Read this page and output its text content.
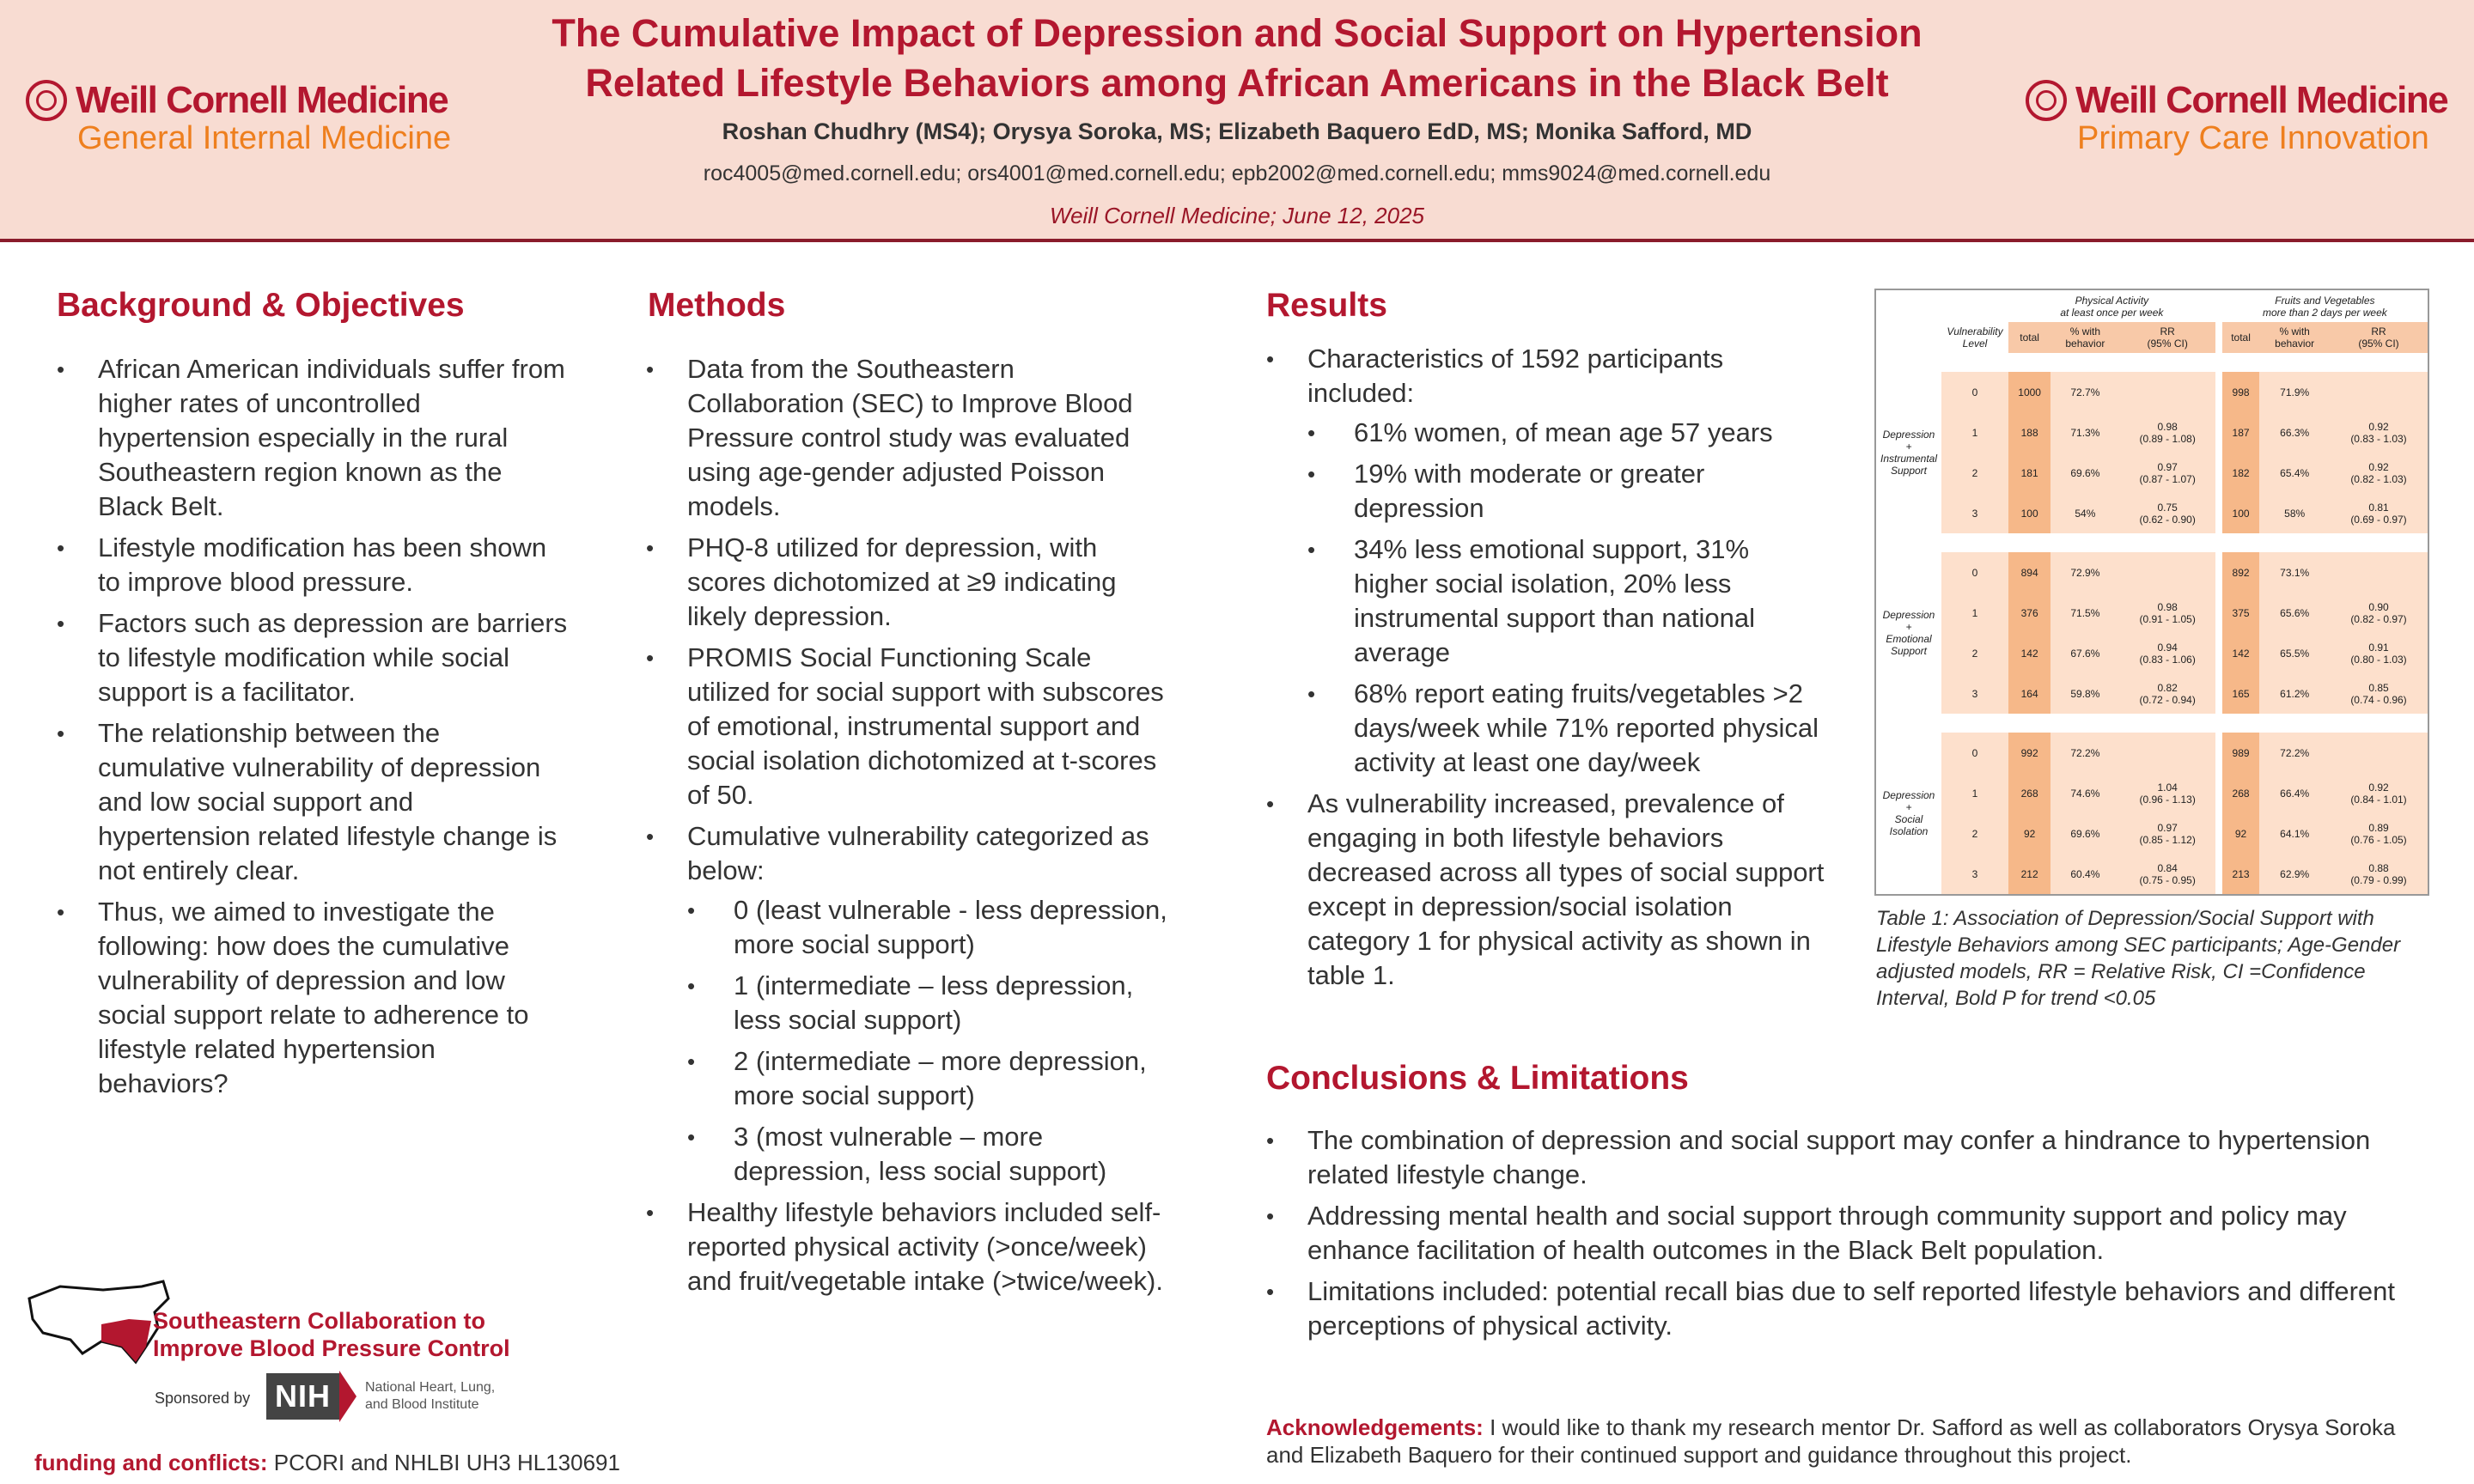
Weill Cornell Medicine
General Internal Medicine
The Cumulative Impact of Depression and Social Support on Hypertension
Related Lifestyle Behaviors among African Americans in the Black Belt
Roshan Chudhry (MS4); Orysya Soroka, MS; Elizabeth Baquero EdD, MS; Monika Safford, MD
roc4005@med.cornell.edu; ors4001@med.cornell.edu; epb2002@med.cornell.edu; mms9024@med.cornell.edu
Weill Cornell Medicine; June 12, 2025
Weill Cornell Medicine
Primary Care Innovation
Background & Objectives
• African American individuals suffer from higher rates of uncontrolled hypertension especially in the rural Southeastern region known as the Black Belt.
• Lifestyle modification has been shown to improve blood pressure.
• Factors such as depression are barriers to lifestyle modification while social support is a facilitator.
• The relationship between the cumulative vulnerability of depression and low social support and hypertension related lifestyle change is not entirely clear.
• Thus, we aimed to investigate the following: how does the cumulative vulnerability of depression and low social support relate to adherence to lifestyle related hypertension behaviors?
Methods
• Data from the Southeastern Collaboration (SEC) to Improve Blood Pressure control study was evaluated using age-gender adjusted Poisson models.
• PHQ-8 utilized for depression, with scores dichotomized at ≥9 indicating likely depression.
• PROMIS Social Functioning Scale utilized for social support with subscores of emotional, instrumental support and social isolation dichotomized at t-scores of 50.
• Cumulative vulnerability categorized as below:
• 0 (least vulnerable - less depression, more social support)
• 1 (intermediate – less depression, less social support)
• 2 (intermediate – more depression, more social support)
• 3 (most vulnerable – more depression, less social support)
• Healthy lifestyle behaviors included self-reported physical activity (>once/week) and fruit/vegetable intake (>twice/week).
Results
• Characteristics of 1592 participants included:
• 61% women, of mean age 57 years
• 19% with moderate or greater depression
• 34% less emotional support, 31% higher social isolation, 20% less instrumental support than national average
• 68% report eating fruits/vegetables >2 days/week while 71% reported physical activity at least one day/week
• As vulnerability increased, prevalence of engaging in both lifestyle behaviors decreased across all types of social support except in depression/social isolation category 1 for physical activity as shown in table 1.
		Physical Activity
at least once per week				Fruits and Vegetables
more than 2 days per week		
	Vulnerability Level	total	% with
behavior	RR
(95% CI)		total	% with
behavior	RR
(95% CI)

Depression
+
Instrumental
Support	0	1000	72.7%			998	71.9%	

	1	188	71.3%	0.98
(0.89 - 1.08)		187	66.3%	0.92
(0.83 - 1.03)
	2	181	69.6%	0.97
(0.87 - 1.07)		182	65.4%	0.92
(0.82 - 1.03)
	3	100	54%	0.75
(0.62 - 0.90)		100	58%	0.81
(0.69 - 0.97)

Depression
+
Emotional
Support	0	894	72.9%			892	73.1%	

	1	376	71.5%	0.98
(0.91 - 1.05)		375	65.6%	0.90
(0.82 - 0.97)
	2	142	67.6%	0.94
(0.83 - 1.06)		142	65.5%	0.91
(0.80 - 1.03)
	3	164	59.8%	0.82
(0.72 - 0.94)		165	61.2%	0.85
(0.74 - 0.96)

Depression
+
Social
Isolation	0	992	72.2%			989	72.2%	

	1	268	74.6%	1.04
(0.96 - 1.13)		268	66.4%	0.92
(0.84 - 1.01)
	2	92	69.6%	0.97
(0.85 - 1.12)		92	64.1%	0.89
(0.76 - 1.05)
	3	212	60.4%	0.84
(0.75 - 0.95)		213	62.9%	0.88
(0.79 - 0.99)
Table 1: Association of Depression/Social Support with Lifestyle Behaviors among SEC participants; Age-Gender adjusted models, RR = Relative Risk, CI =Confidence Interval, Bold P for trend <0.05
Conclusions & Limitations
• The combination of depression and social support may confer a hindrance to hypertension related lifestyle change.
• Addressing mental health and social support through community support and policy may enhance facilitation of health outcomes in the Black Belt population.
• Limitations included: potential recall bias due to self reported lifestyle behaviors and different perceptions of physical activity.
Acknowledgements: I would like to thank my research mentor Dr. Safford as well as collaborators Orysya Soroka and Elizabeth Baquero for their continued support and guidance throughout this project.
Southeastern Collaboration to
Improve Blood Pressure Control
Sponsored by NIH	National Heart, Lung,
and Blood Institute
funding and conflicts: PCORI and NHLBI UH3 HL130691
